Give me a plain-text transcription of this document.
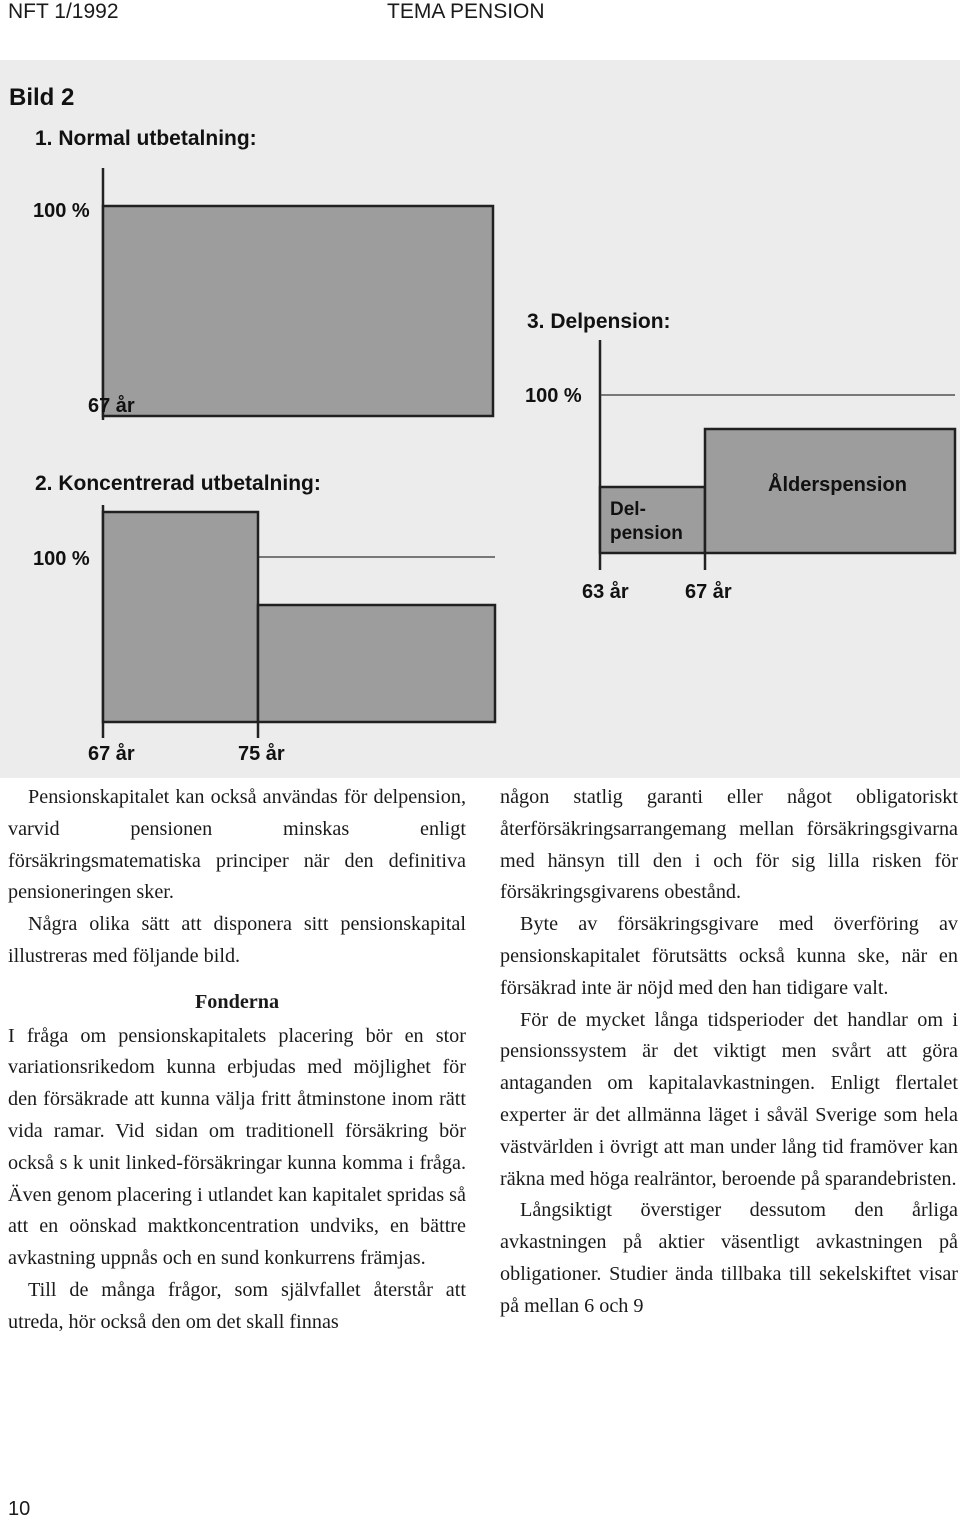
NFT 1/1992	TEMA PENSION
Bild 2
1. Normal utbetalning:
100 %
67 år
2. Koncentrerad utbetalning:
100 %
67 år	75 år
3. Delpension:
100 %
Del-
pension
Ålderspension
63 år	67 år

Pensionskapitalet kan också användas för delpension, varvid pensionen minskas enligt försäkringsmatematiska principer när den definitiva pensioneringen sker.

Några olika sätt att disponera sitt pensionskapital illustreras med följande bild.

Fonderna

I fråga om pensionskapitalets placering bör en stor variationsrikedom kunna erbjudas med möjlighet för den försäkrade att kunna välja fritt åtminstone inom rätt vida ramar. Vid sidan om traditionell försäkring bör också s k unit linked-försäkringar kunna komma i fråga. Även genom placering i utlandet kan kapitalet spridas så att en oönskad maktkoncentration undviks, en bättre avkastning uppnås och en sund konkurrens främjas.

Till de många frågor, som självfallet återstår att utreda, hör också den om det skall finnas

någon statlig garanti eller något obligatoriskt återförsäkringsarrangemang mellan försäkringsgivarna med hänsyn till den i och för sig lilla risken för försäkringsgivarens obestånd.

Byte av försäkringsgivare med överföring av pensionskapitalet förutsätts också kunna ske, när en försäkrad inte är nöjd med den han tidigare valt.

För de mycket långa tidsperioder det handlar om i pensionssystem är det viktigt men svårt att göra antaganden om kapitalavkastningen. Enligt flertalet experter är det allmänna läget i såväl Sverige som hela västvärlden i övrigt att man under lång tid framöver kan räkna med höga realräntor, beroende på sparandebristen.

Långsiktigt överstiger dessutom den årliga avkastningen på aktier väsentligt avkastningen på obligationer. Studier ända tillbaka till sekelskiftet visar på mellan 6 och 9

10
